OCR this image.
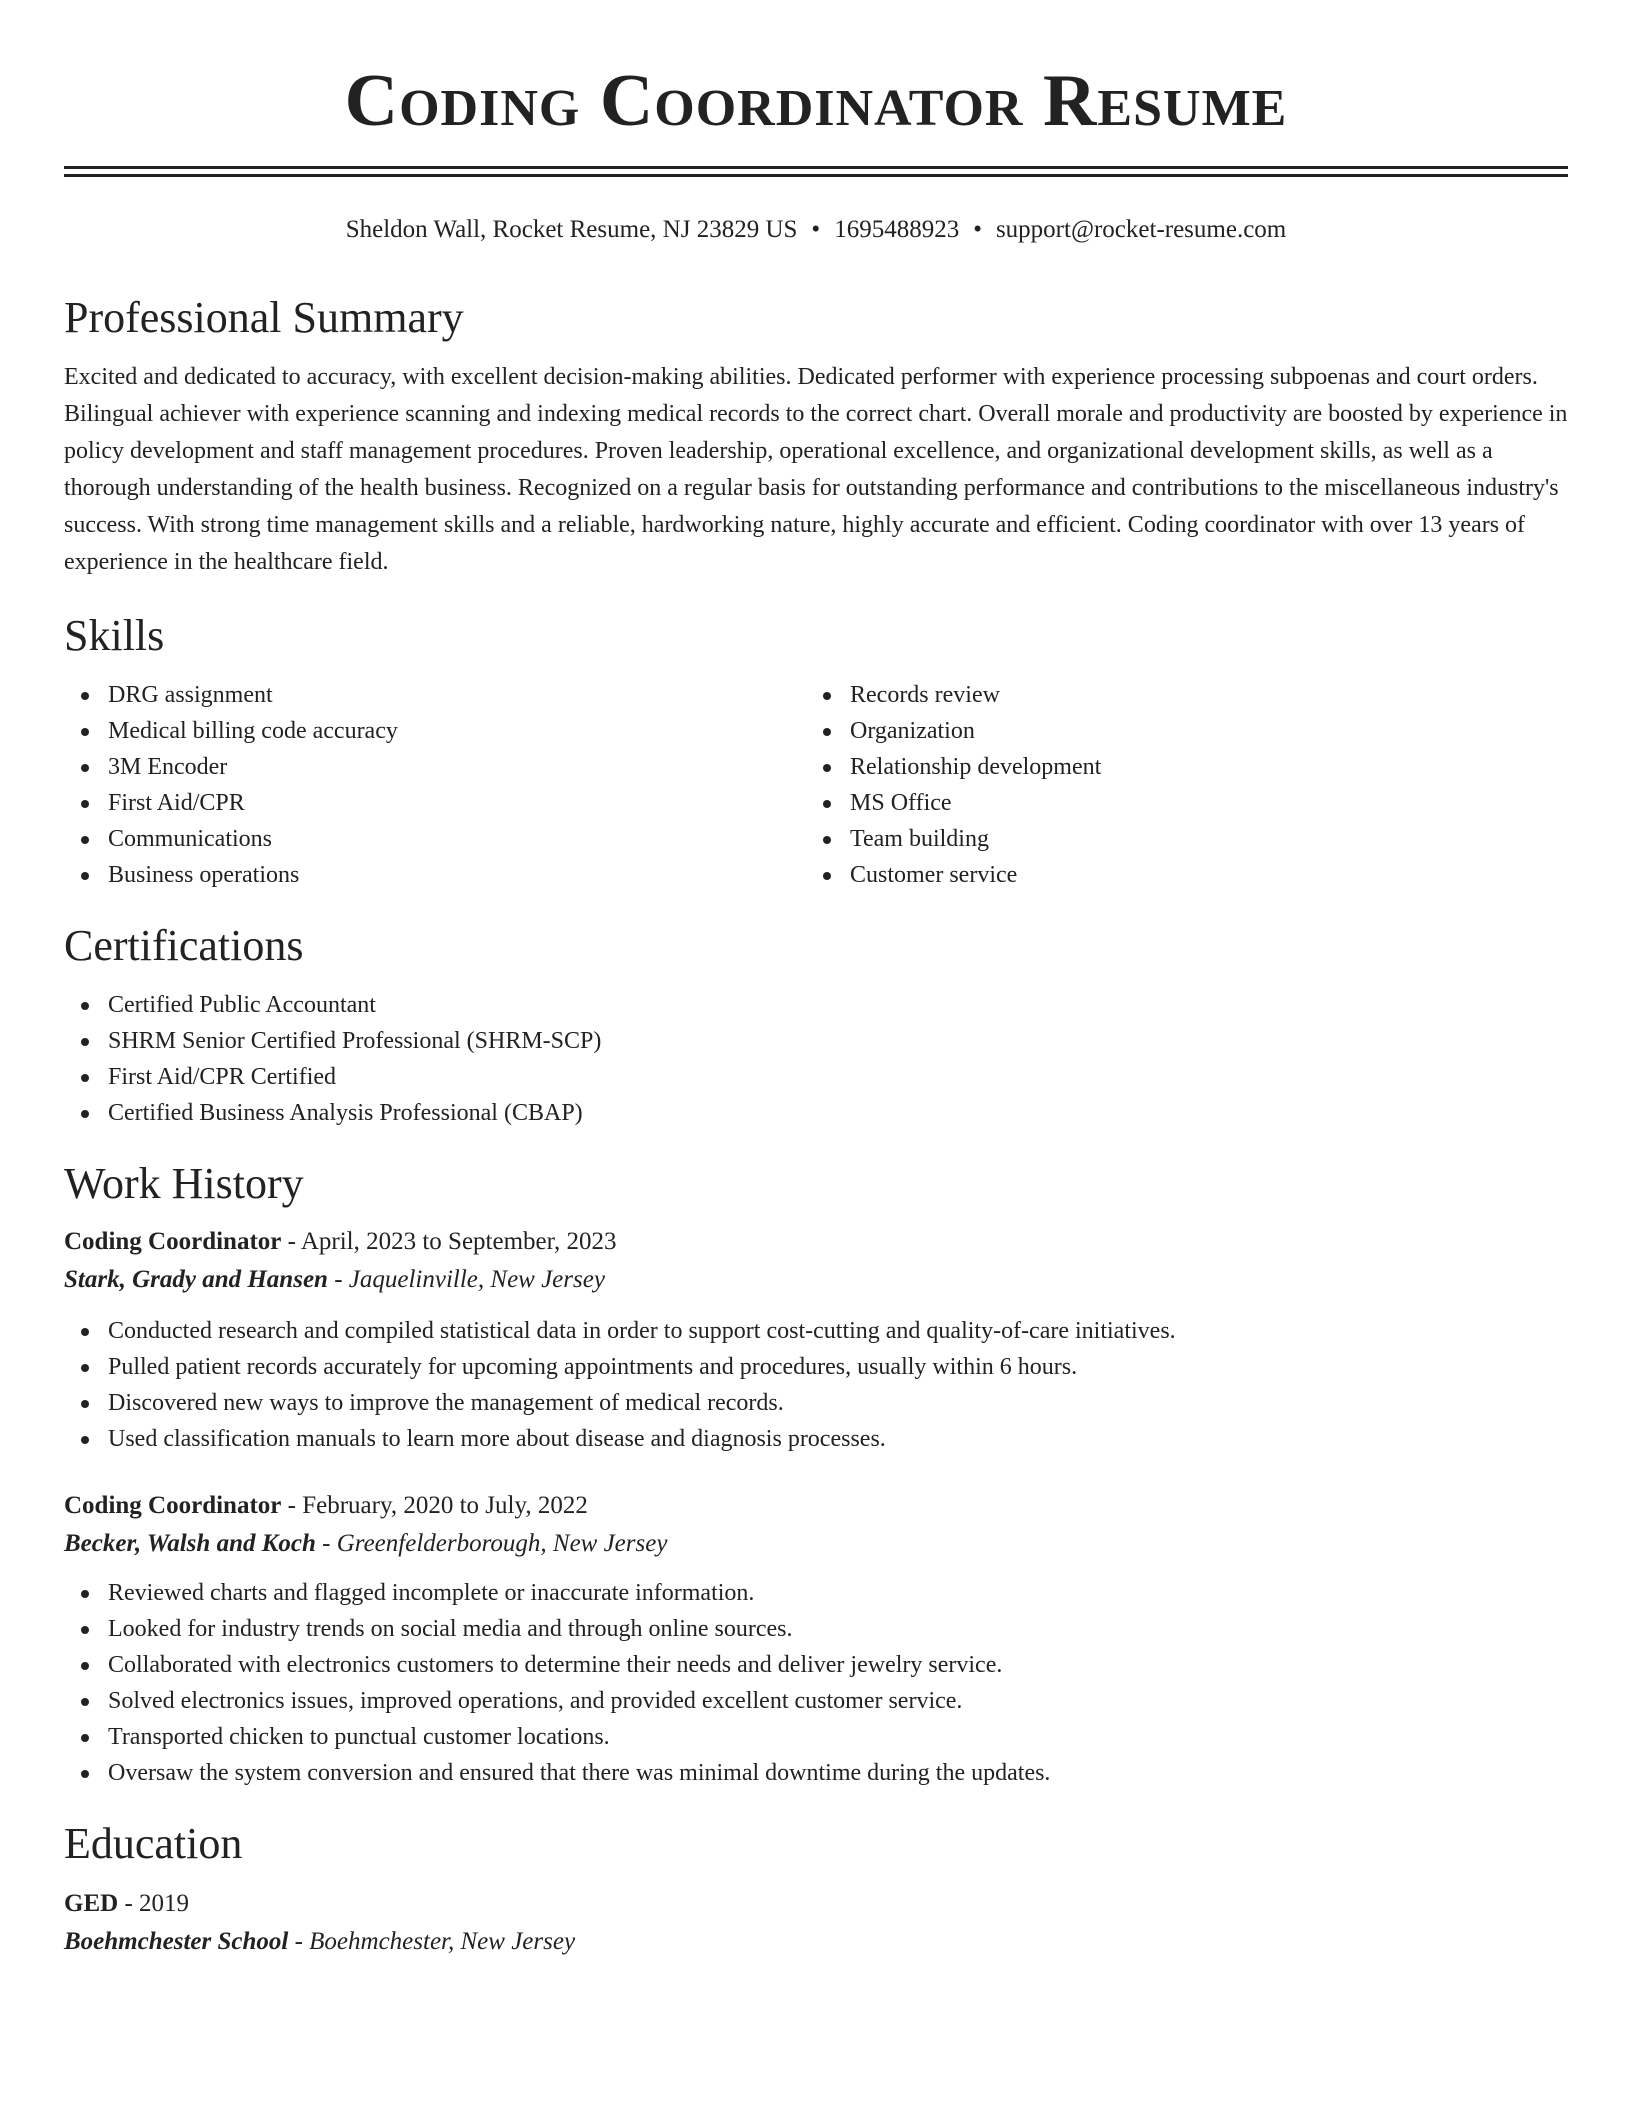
Coding Coordinator Resume
Sheldon Wall, Rocket Resume, NJ 23829 US • 1695488923 • support@rocket-resume.com
Professional Summary

Excited and dedicated to accuracy, with excellent decision-making abilities. Dedicated performer with experience processing subpoenas and court orders. Bilingual achiever with experience scanning and indexing medical records to the correct chart. Overall morale and productivity are boosted by experience in policy development and staff management procedures. Proven leadership, operational excellence, and organizational development skills, as well as a thorough understanding of the health business. Recognized on a regular basis for outstanding performance and contributions to the miscellaneous industry's success. With strong time management skills and a reliable, hardworking nature, highly accurate and efficient. Coding coordinator with over 13 years of experience in the healthcare field.

Skills
DRG assignment
Medical billing code accuracy
3M Encoder
First Aid/CPR
Communications
Business operations
Records review
Organization
Relationship development
MS Office
Team building
Customer service
Certifications
Certified Public Accountant
SHRM Senior Certified Professional (SHRM-SCP)
First Aid/CPR Certified
Certified Business Analysis Professional (CBAP)
Work History
Coding Coordinator - April, 2023 to September, 2023
Stark, Grady and Hansen - Jaquelinville, New Jersey
Conducted research and compiled statistical data in order to support cost-cutting and quality-of-care initiatives.
Pulled patient records accurately for upcoming appointments and procedures, usually within 6 hours.
Discovered new ways to improve the management of medical records.
Used classification manuals to learn more about disease and diagnosis processes.
Coding Coordinator - February, 2020 to July, 2022
Becker, Walsh and Koch - Greenfelderborough, New Jersey
Reviewed charts and flagged incomplete or inaccurate information.
Looked for industry trends on social media and through online sources.
Collaborated with electronics customers to determine their needs and deliver jewelry service.
Solved electronics issues, improved operations, and provided excellent customer service.
Transported chicken to punctual customer locations.
Oversaw the system conversion and ensured that there was minimal downtime during the updates.
Education
GED - 2019
Boehmchester School - Boehmchester, New Jersey
